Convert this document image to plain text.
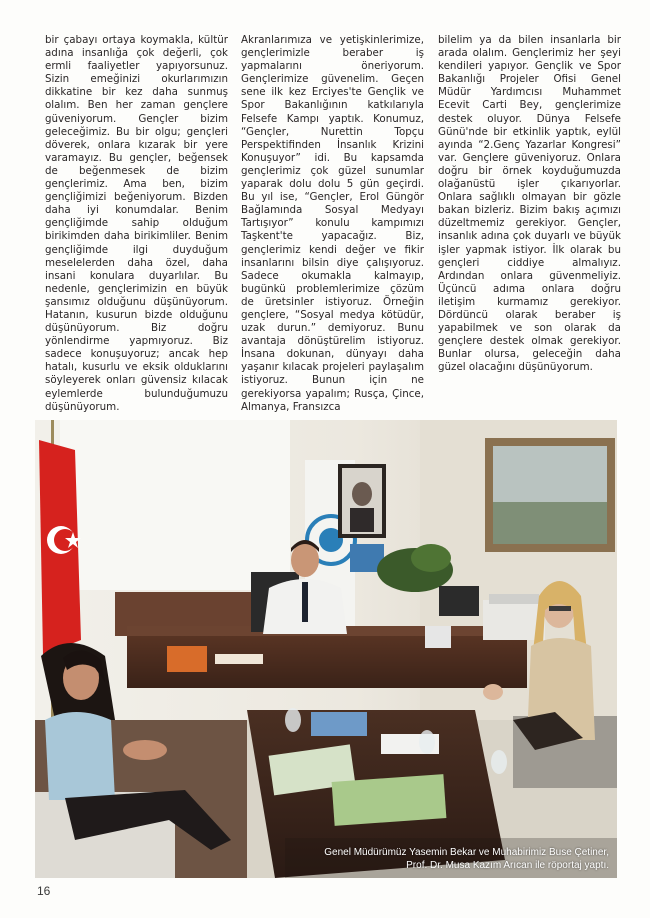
bir çabayı ortaya koymakla, kültür adına insanlığa çok değerli, çok ermli faaliyetler yapıyorsunuz. Sizin emeğinizi okurlarımızın dikkatine bir kez daha sunmuş olalım. Ben her zaman gençlere güveniyorum. Gençler bizim geleceğimiz. Bu bir olgu; gençleri döverek, onlara kızarak bir yere varamayız. Bu gençler, beğensek de beğenmesek de bizim gençlerimiz. Ama ben, bizim gençliğimizi beğeniyorum. Bizden daha iyi konumdalar. Benim gençliğimde sahip olduğum birikimden daha birikimliler. Benim gençliğimde ilgi duyduğum meselelerden daha özel, daha insani konulara duyarlılar. Bu nedenle, gençlerimizin en büyük şansımız olduğunu düşünüyorum. Hatanın, kusurun bizde olduğunu düşünüyorum. Biz doğru yönlendirme yapmıyoruz. Biz sadece konuşuyoruz; ancak hep hatalı, kusurlu ve eksik olduklarını söyleyerek onları güvensiz kılacak eylemlerde bulunduğumuzu düşünüyorum.

Akranlarımıza ve yetişkinlerimize, gençlerimizle beraber iş yapmalarını öneriyorum. Gençlerimize güvenelim. Geçen sene ilk kez Erciyes'te Gençlik ve Spor Bakanlığının katkılarıyla Felsefe Kampı yaptık. Konumuz, “Gençler, Nurettin Topçu Perspektifinden İnsanlık Krizini Konuşuyor” idi. Bu kapsamda gençlerimiz çok güzel sunumlar yaparak dolu dolu 5 gün geçirdi. Bu yıl ise, “Gençler, Erol Güngör Bağlamında Sosyal Medyayı Tartışıyor” konulu kampımızı Taşkent'te yapacağız. Biz, gençlerimiz kendi değer ve fikir insanlarını bilsin diye çalışıyoruz. Sadece okumakla kalmayıp, bugünkü problemlerimize çözüm de üretsinler istiyoruz. Örneğin gençlere, “Sosyal medya kötüdür, uzak durun.” demiyoruz. Bunu avantaja dönüştürelim istiyoruz. İnsana dokunan, dünyayı daha yaşanır kılacak projeleri paylaşalım istiyoruz. Bunun için ne gerekiyorsa yapalım; Rusça, Çince, Almanya, Fransızca

bilelim ya da bilen insanlarla bir arada olalım. Gençlerimiz her şeyi kendileri yapıyor. Gençlik ve Spor Bakanlığı Projeler Ofisi Genel Müdür Yardımcısı Muhammet Ecevit Carti Bey, gençlerimize destek oluyor. Dünya Felsefe Günü'nde bir etkinlik yaptık, eylül ayında “2.Genç Yazarlar Kongresi” var. Gençlere güveniyoruz. Onlara doğru bir örnek koyduğumuzda olağanüstü işler çıkarıyorlar. Onlara sağlıklı olmayan bir gözle bakan bizleriz. Bizim bakış açımızı düzeltmemiz gerekiyor. Gençler, insanlık adına çok duyarlı ve büyük işler yapmak istiyor. İlk olarak bu gençleri ciddiye almalıyız. Ardından onlara güvenmeliyiz. Üçüncü adıma onlara doğru iletişim kurmamız gerekiyor. Dördüncü olarak beraber iş yapabilmek ve son olarak da gençlere destek olmak gerekiyor. Bunlar olursa, geleceğin daha güzel olacağını düşünüyorum.

Genel Müdürümüz Yasemin Bekar ve Muhabirimiz Buse Çetiner,

Prof. Dr. Musa Kazım Arıcan ile röportaj yaptı.

16
